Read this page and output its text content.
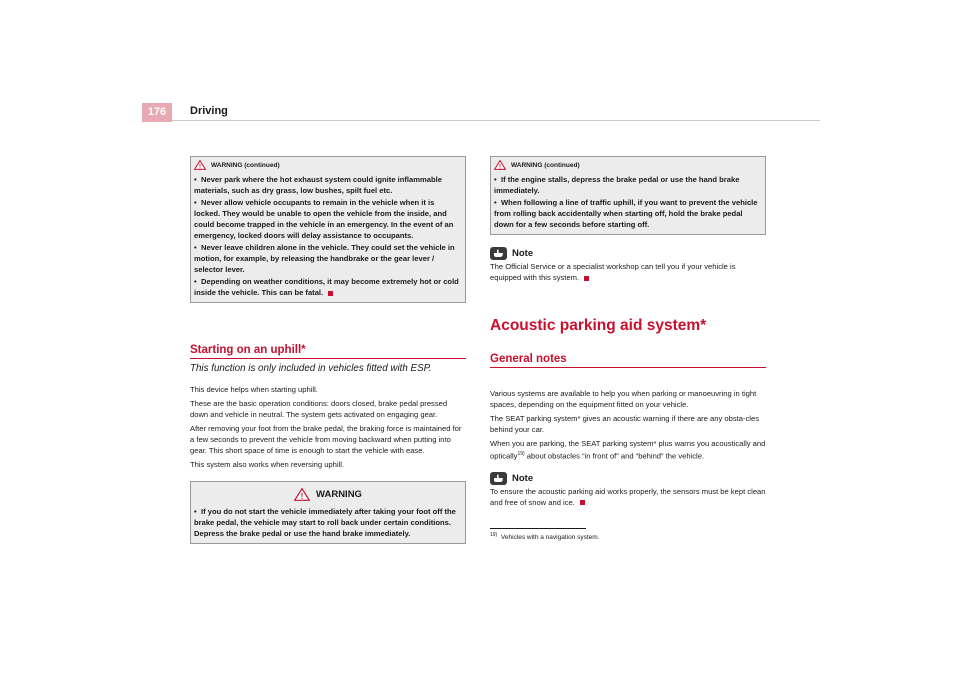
176	Driving
! WARNING (continued)
• Never park where the hot exhaust system could ignite inflammable materials, such as dry grass, low bushes, spilt fuel etc.
• Never allow vehicle occupants to remain in the vehicle when it is locked. They would be unable to open the vehicle from the inside, and could become trapped in the vehicle in an emergency. In the event of an emergency, locked doors will delay assistance to occupants.
• Never leave children alone in the vehicle. They could set the vehicle in motion, for example, by releasing the handbrake or the gear lever / selector lever.
• Depending on weather conditions, it may become extremely hot or cold inside the vehicle. This can be fatal.
Starting on an uphill*
This function is only included in vehicles fitted with ESP.
This device helps when starting uphill.
These are the basic operation conditions: doors closed, brake pedal pressed down and vehicle in neutral. The system gets activated on engaging gear.
After removing your foot from the brake pedal, the braking force is maintained for a few seconds to prevent the vehicle from moving backward when putting into gear. This short space of time is enough to start the vehicle with ease.
This system also works when reversing uphill.
! WARNING
• If you do not start the vehicle immediately after taking your foot off the brake pedal, the vehicle may start to roll back under certain conditions. Depress the brake pedal or use the hand brake immediately.
! WARNING (continued)
• If the engine stalls, depress the brake pedal or use the hand brake immediately.
• When following a line of traffic uphill, if you want to prevent the vehicle from rolling back accidentally when starting off, hold the brake pedal down for a few seconds before starting off.
Note
The Official Service or a specialist workshop can tell you if your vehicle is equipped with this system.
Acoustic parking aid system*
General notes
Various systems are available to help you when parking or manoeuvring in tight spaces, depending on the equipment fitted on your vehicle.
The SEAT parking system* gives an acoustic warning if there are any obsta-cles behind your car.
When you are parking, the SEAT parking system* plus warns you acoustically and optically$^{19)}$ about obstacles “in front of” and “behind” the vehicle.
Note
To ensure the acoustic parking aid works properly, the sensors must be kept clean and free of snow and ice.
$^{19)}$ Vehicles with a navigation system.
